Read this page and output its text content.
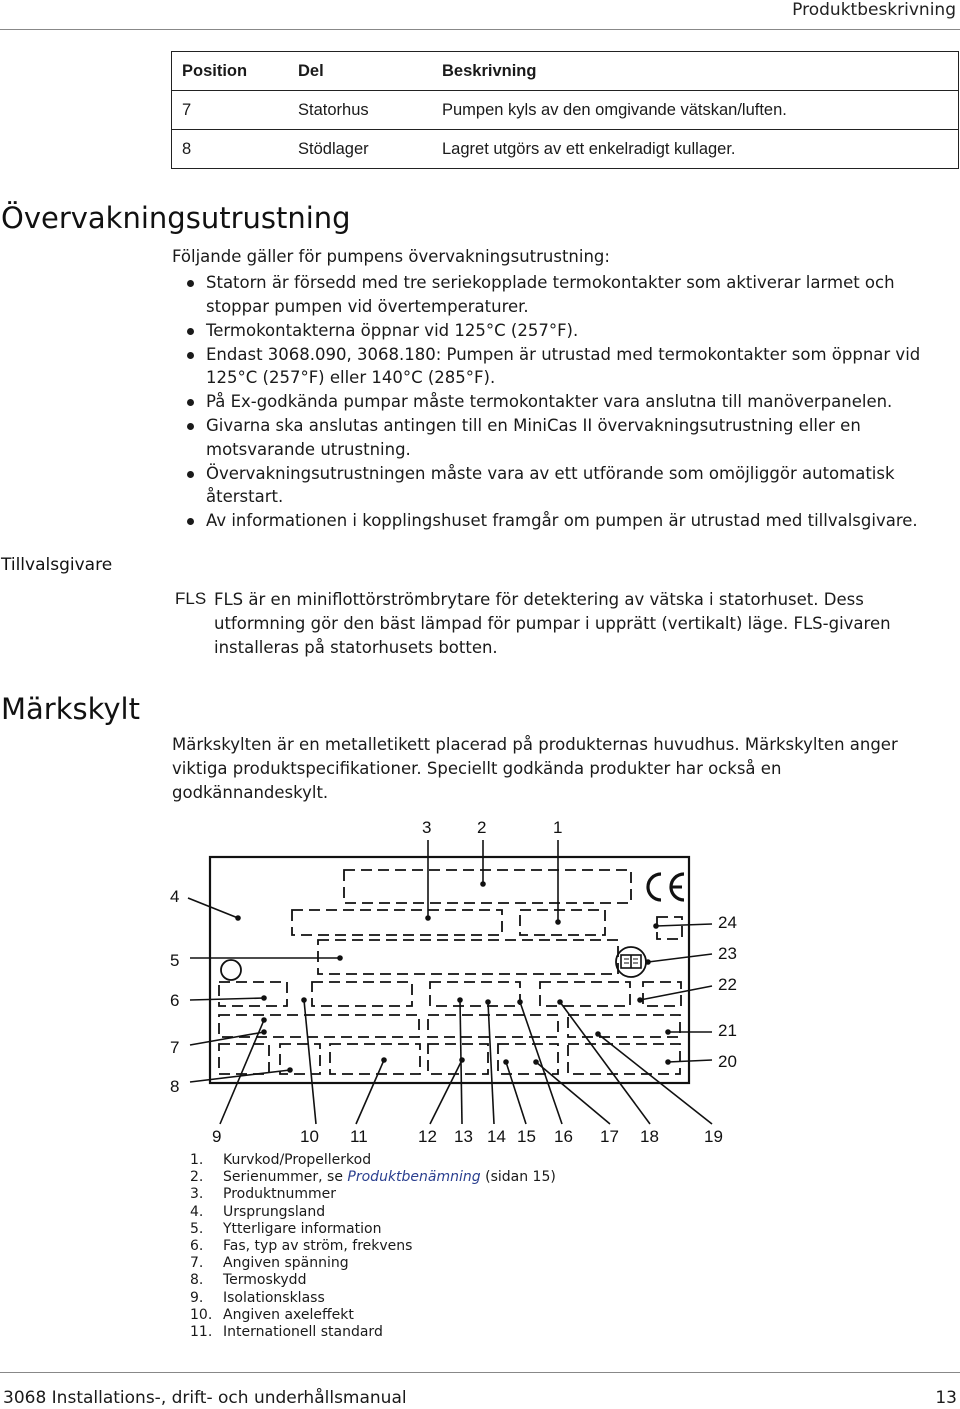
Produktbeskrivning
Position	Del	Beskrivning
7	Statorhus	Pumpen kyls av den omgivande vätskan/luften.
8	Stödlager	Lagret utgörs av ett enkelradigt kullager.
Övervakningsutrustning
Följande gäller för pumpens övervakningsutrustning:
Statorn är försedd med tre seriekopplade termokontakter som aktiverar larmet och stoppar pumpen vid övertemperaturer.
Termokontakterna öppnar vid 125°C (257°F).
Endast 3068.090, 3068.180: Pumpen är utrustad med termokontakter som öppnar vid 125°C (257°F) eller 140°C (285°F).
På Ex-godkända pumpar måste termokontakter vara anslutna till manöverpanelen.
Givarna ska anslutas antingen till en MiniCas II övervakningsutrustning eller en motsvarande utrustning.
Övervakningsutrustningen måste vara av ett utförande som omöjliggör automatisk återstart.
Av informationen i kopplingshuset framgår om pumpen är utrustad med tillvalsgivare.
Tillvalsgivare
FLS FLS är en miniflottörströmbrytare för detektering av vätska i statorhuset. Dess utformning gör den bäst lämpad för pumpar i upprätt (vertikalt) läge. FLS-givaren installeras på statorhusets botten.
Märkskylt
Märkskylten är en metalletikett placerad på produkternas huvudhus. Märkskylten anger viktiga produktspecifikationer. Speciellt godkända produkter har också en godkännandeskylt.
3	2	1
4
5
6
7
8
24
23
22
21
20
9	10 11	12 13 14 15 16 17 18	19
1.	Kurvkod/Propellerkod
2.	Serienummer, se Produktbenämning (sidan 15)
3.	Produktnummer
4.	Ursprungsland
5.	Ytterligare information
6.	Fas, typ av ström, frekvens
7.	Angiven spänning
8.	Termoskydd
9.	Isolationsklass
10. Angiven axeleffekt
11. Internationell standard
3068 Installations-, drift- och underhållsmanual	13
